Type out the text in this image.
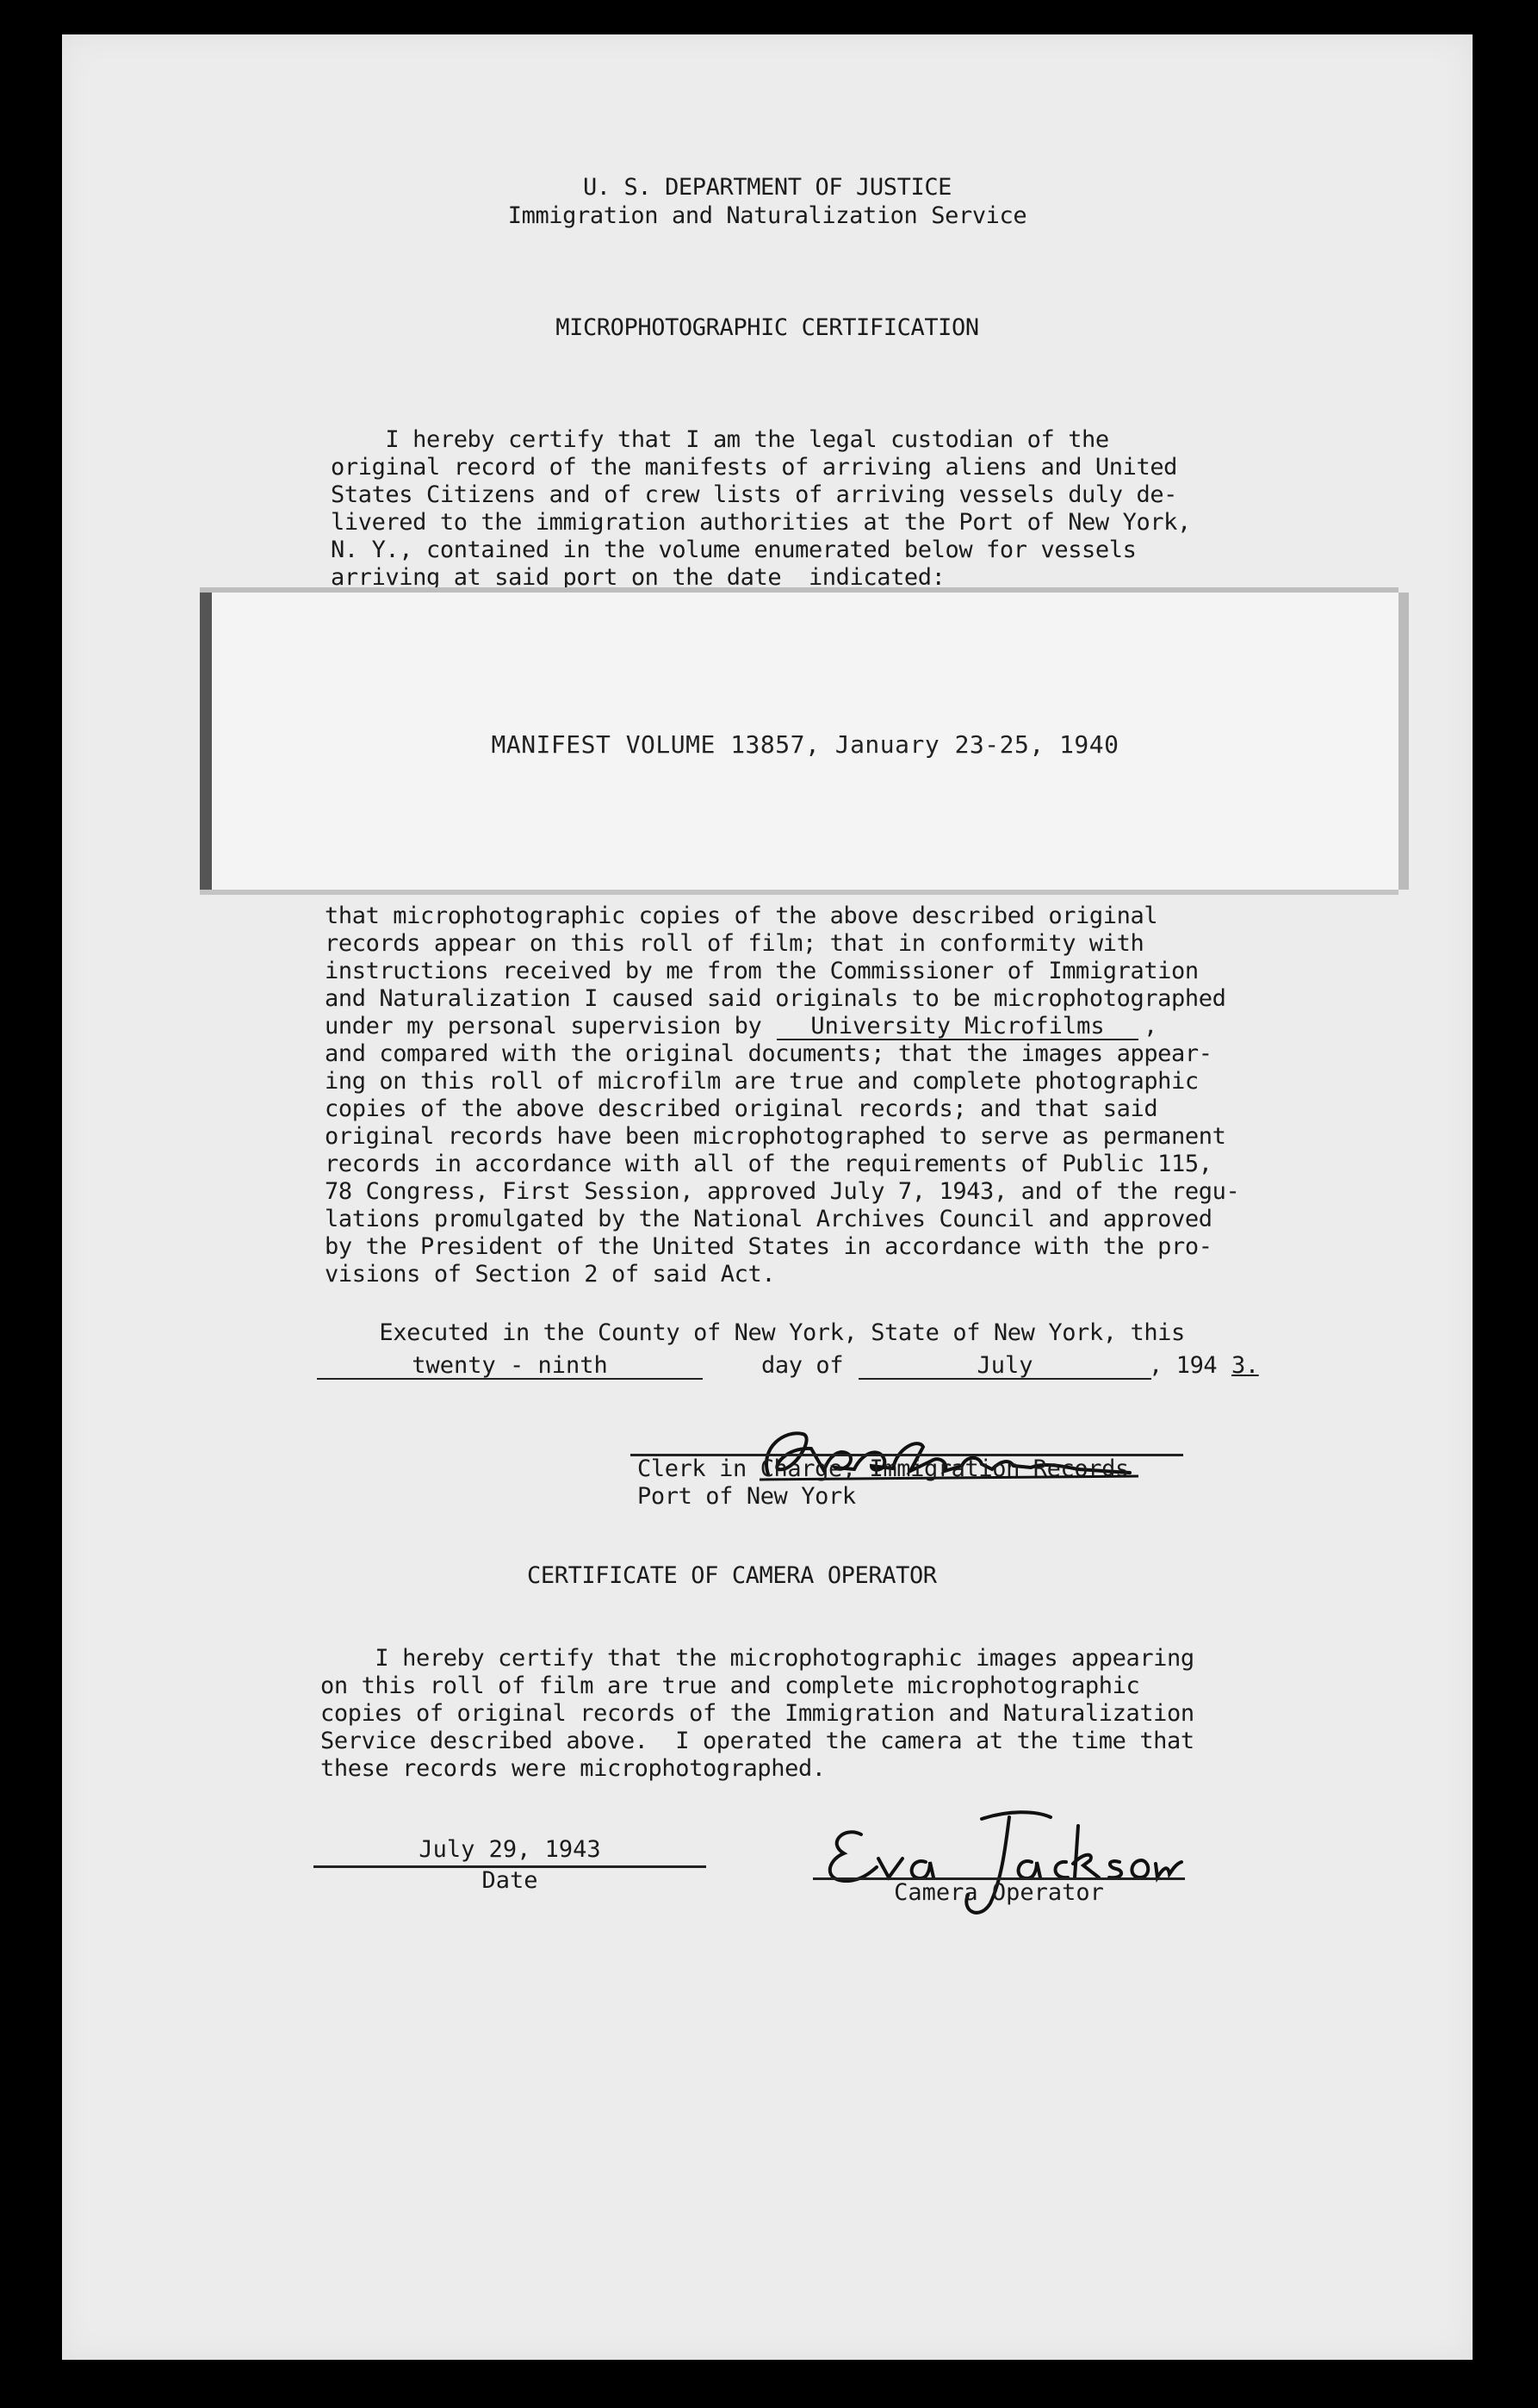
U. S. DEPARTMENT OF JUSTICE
Immigration and Naturalization Service
MICROPHOTOGRAPHIC CERTIFICATION
I hereby certify that I am the legal custodian of the
original record of the manifests of arriving aliens and United
States Citizens and of crew lists of arriving vessels duly de-
livered to the immigration authorities at the Port of New York,
N. Y., contained in the volume enumerated below for vessels
arriving at said port on the date  indicated:
MANIFEST VOLUME 13857, January 23-25, 1940
that microphotographic copies of the above described original
records appear on this roll of film; that in conformity with
instructions received by me from the Commissioner of Immigration
and Naturalization I caused said originals to be microphotographed
under my personal supervision by	University Microfilms	,
and compared with the original documents; that the images appear-
ing on this roll of microfilm are true and complete photographic
copies of the above described original records; and that said
original records have been microphotographed to serve as permanent
records in accordance with all of the requirements of Public 115,
78 Congress, First Session, approved July 7, 1943, and of the regu-
lations promulgated by the National Archives Council and approved
by the President of the United States in accordance with the pro-
visions of Section 2 of said Act.
Executed in the County of New York, State of New York, this
twenty - ninth	day of	July	, 194 3.
Clerk in Charge, Immigration Records
Port of New York
CERTIFICATE OF CAMERA OPERATOR
I hereby certify that the microphotographic images appearing
on this roll of film are true and complete microphotographic
copies of original records of the Immigration and Naturalization
Service described above.  I operated the camera at the time that
these records were microphotographed.
July 29, 1943
Date	Camera Operator
